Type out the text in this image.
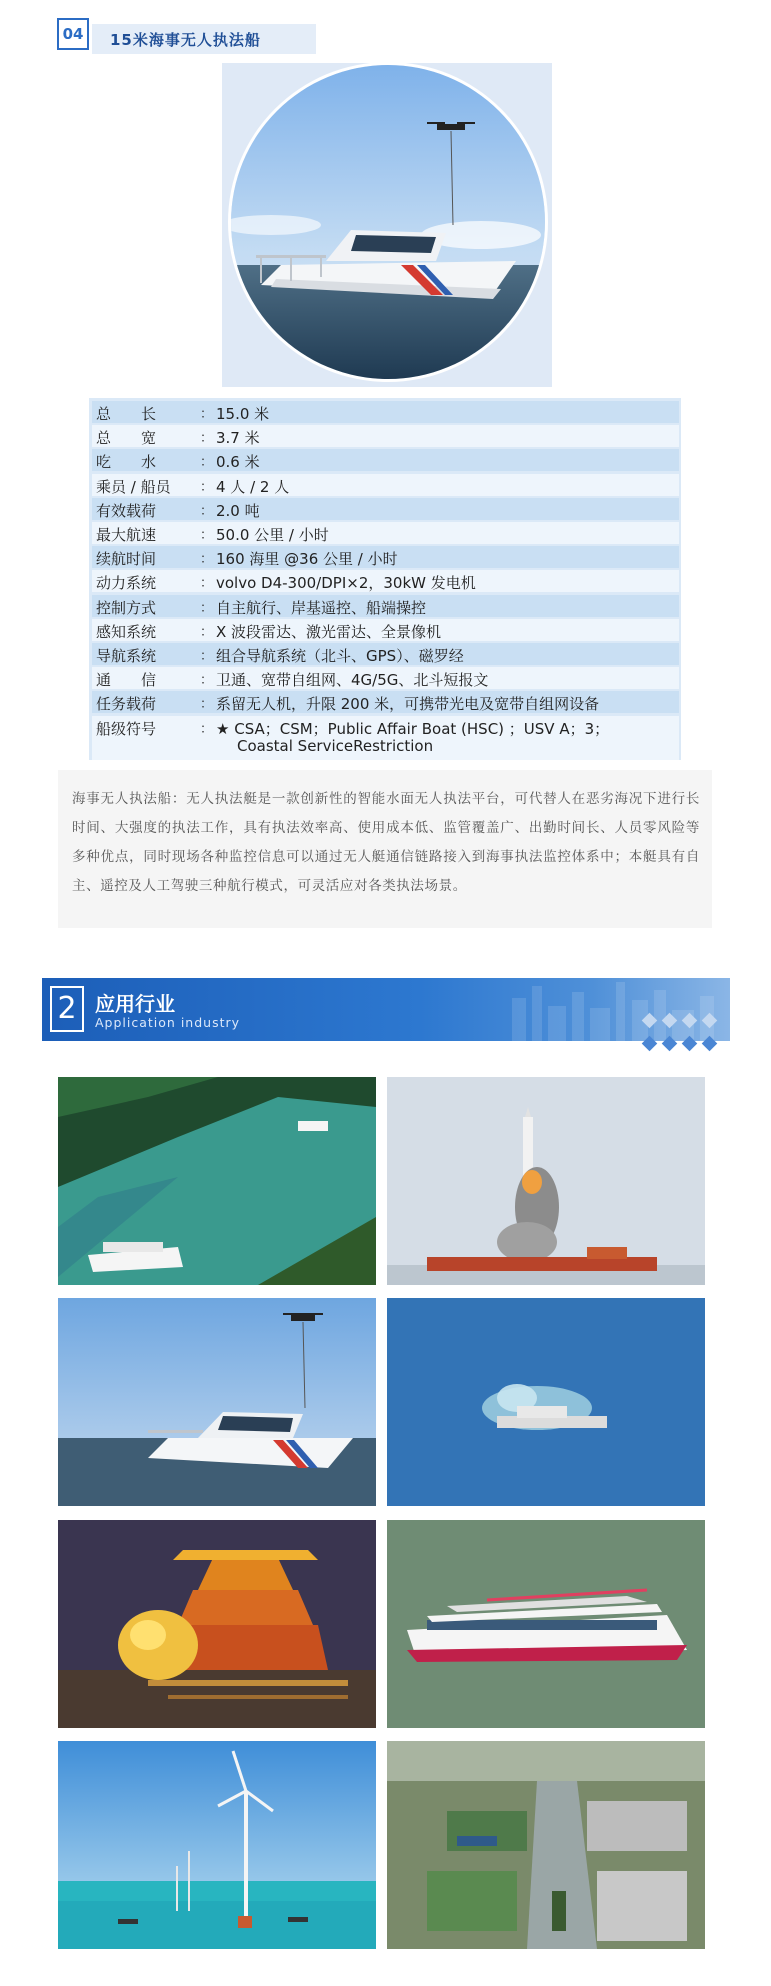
04	15米海事无人执法船
总　　长	： 15.0 米
总　　宽	： 3.7 米
吃　　水	： 0.6 米
乘员 / 船员	： 4 人 / 2 人
有效载荷	： 2.0 吨
最大航速	： 50.0 公里 / 小时
续航时间	： 160 海里 @36 公里 / 小时
动力系统	： volvo D4-300/DPI×2，30kW 发电机
控制方式	： 自主航行、岸基遥控、船端操控
感知系统	： X 波段雷达、激光雷达、全景像机
导航系统	： 组合导航系统（北斗、GPS）、磁罗经
通　　信	： 卫通、宽带自组网、4G/5G、北斗短报文
任务载荷	： 系留无人机，升限 200 米，可携带光电及宽带自组网设备
船级符号	： ★ CSA；CSM；Public Affair Boat (HSC) ；USV A；3；
Coastal ServiceRestriction
海事无人执法船：无人执法艇是一款创新性的智能水面无人执法平台，可代替人在恶劣海况下进行长时间、大强度的执法工作，具有执法效率高、使用成本低、监管覆盖广、出勤时间长、人员零风险等多种优点，同时现场各种监控信息可以通过无人艇通信链路接入到海事执法监控体系中；本艇具有自主、遥控及人工驾驶三种航行模式，可灵活应对各类执法场景。
2 应用行业
Application industry
